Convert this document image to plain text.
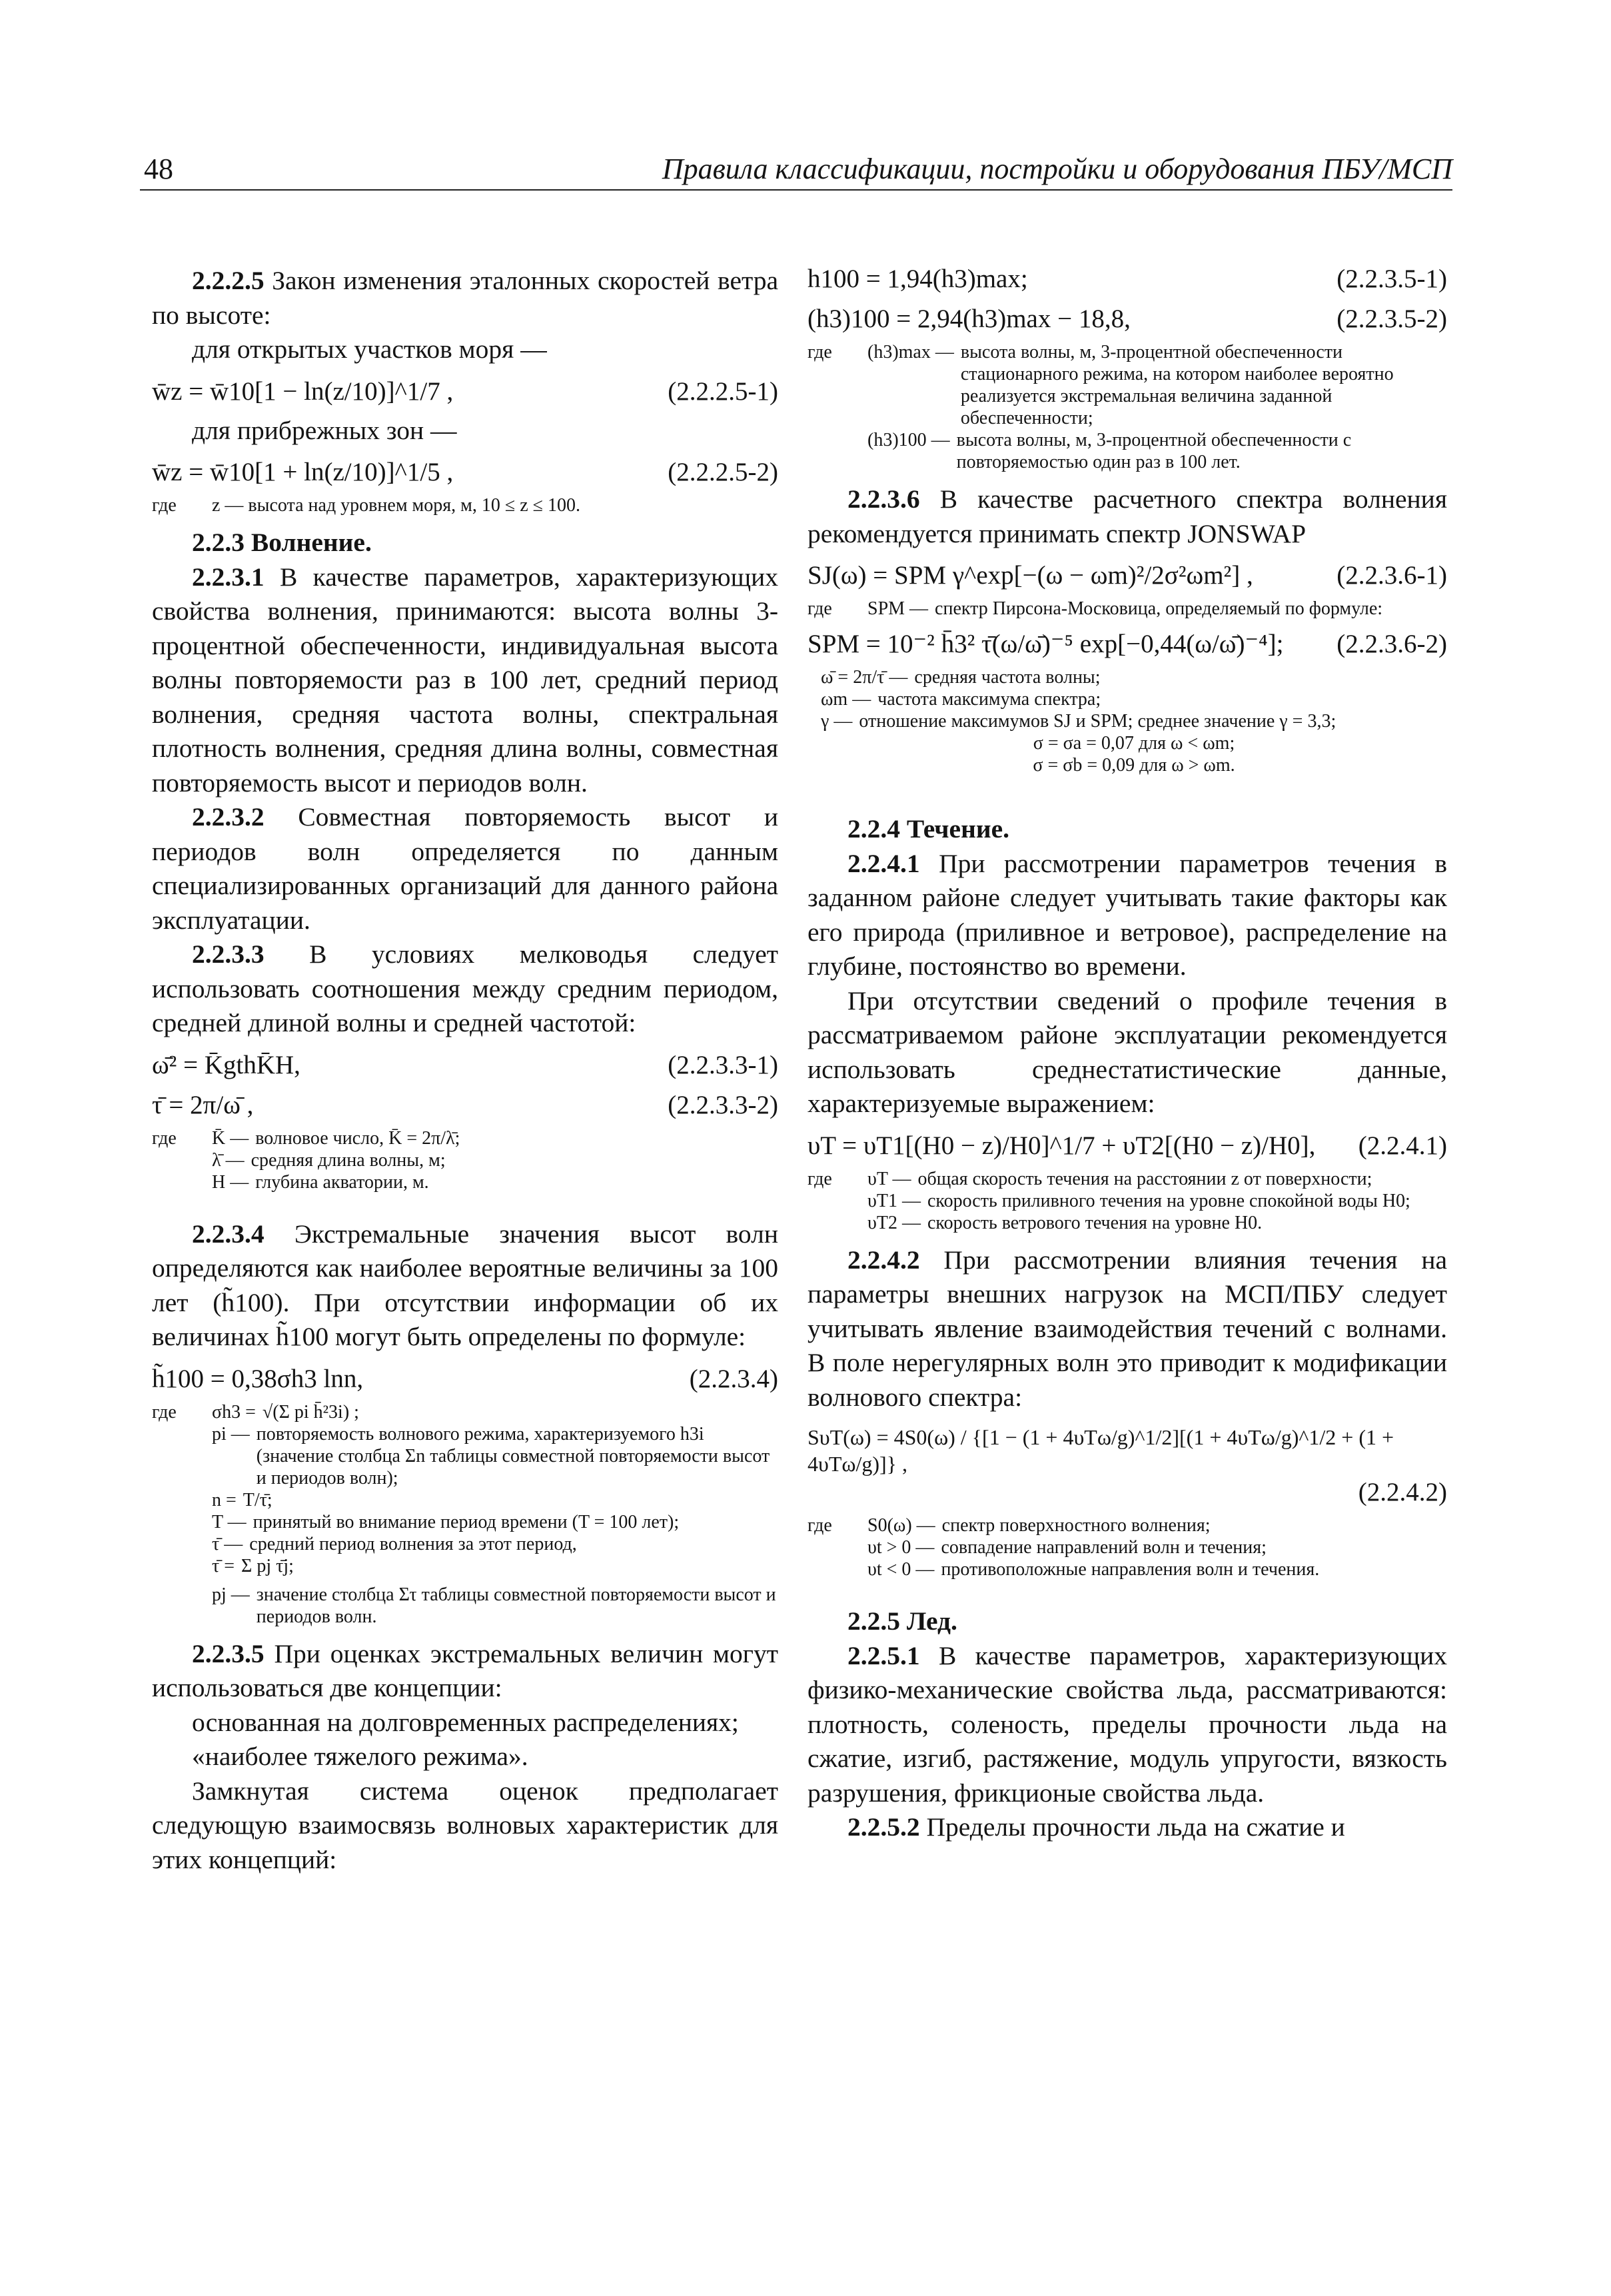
48	Правила классификации, постройки и оборудования ПБУ/МСП

2.2.2.5 Закон изменения эталонных скоростей ветра по высоте:

для открытых участков моря —

w̄z = w̄10[1 − ln(z/10)]^1/7 ,	(2.2.2.5-1)

для прибрежных зон —

w̄z = w̄10[1 + ln(z/10)]^1/5 ,	(2.2.2.5-2)
где	z — высота над уровнем моря, м, 10 ≤ z ≤ 100.

2.2.3 Волнение.

2.2.3.1 В качестве параметров, характеризующих свойства волнения, принимаются: высота волны 3-процентной обеспеченности, индивидуальная высота волны повторяемости раз в 100 лет, средний период волнения, средняя частота волны, спектральная плотность волнения, средняя длина волны, совместная повторяемость высот и периодов волн.

2.2.3.2 Совместная повторяемость высот и периодов волн определяется по данным специализированных организаций для данного района эксплуатации.

2.2.3.3 В условиях мелководья следует использовать соотношения между средним периодом, средней длиной волны и средней частотой:

ω̄² = K̄gthK̄H,	(2.2.3.3-1)
τ̄ = 2π/ω̄ ,	(2.2.3.3-2)
где	K̄ — волновое число, K̄ = 2π/λ̄;
λ̄ — средняя длина волны, м;
H — глубина акватории, м.

2.2.3.4 Экстремальные значения высот волн определяются как наиболее вероятные величины за 100 лет (h̃100). При отсутствии информации об их величинах h̃100 могут быть определены по формуле:

h̃100 = 0,38σh3 lnn,	(2.2.3.4)
где	σh3 = √(Σ pi h̄²3i) ;
pi — повторяемость волнового режима, характеризуемого h3i (значение столбца Σn таблицы совместной повторяемости высот и периодов волн);
n = T/τ̄;
T — принятый во внимание период времени (T = 100 лет);
τ̄ — средний период волнения за этот период,
τ̄ = Σ pj τ̄j;
pj — значение столбца Στ таблицы совместной повторяемости высот и периодов волн.

2.2.3.5 При оценках экстремальных величин могут использоваться две концепции:

основанная на долговременных распределениях;

«наиболее тяжелого режима».

Замкнутая система оценок предполагает следующую взаимосвязь волновых характеристик для этих концепций:

h100 = 1,94(h3)max;	(2.2.3.5-1)
(h3)100 = 2,94(h3)max − 18,8,	(2.2.3.5-2)
где	(h3)max — высота волны, м, 3-процентной обеспеченности стационарного режима, на котором наиболее вероятно реализуется экстремальная величина заданной обеспеченности;
(h3)100 — высота волны, м, 3-процентной обеспеченности с повторяемостью один раз в 100 лет.

2.2.3.6 В качестве расчетного спектра волнения рекомендуется принимать спектр JONSWAP

SJ(ω) = SPM γ^exp[−(ω − ωm)²/2σ²ωm²] ,	(2.2.3.6-1)
где	SPM — спектр Пирсона-Московица, определяемый по формуле:
SPM = 10⁻² h̄3² τ̄(ω/ω̄)⁻⁵ exp[−0,44(ω/ω̄)⁻⁴]; (2.2.3.6-2)
ω̄ = 2π/τ̄ — средняя частота волны;
ωm — частота максимума спектра;
γ — отношение максимумов SJ и SPM; среднее значение γ = 3,3;
σ = σa = 0,07 для ω < ωm;
σ = σb = 0,09 для ω > ωm.

2.2.4 Течение.

2.2.4.1 При рассмотрении параметров течения в заданном районе следует учитывать такие факторы как его природа (приливное и ветровое), распределение на глубине, постоянство во времени.

При отсутствии сведений о профиле течения в рассматриваемом районе эксплуатации рекомендуется использовать среднестатистические данные, характеризуемые выражением:

υT = υT1[(H0 − z)/H0]^1/7 + υT2[(H0 − z)/H0], (2.2.4.1)
где	υT — общая скорость течения на расстоянии z от поверхности;
υT1 — скорость приливного течения на уровне спокойной воды H0;
υT2 — скорость ветрового течения на уровне H0.

2.2.4.2 При рассмотрении влияния течения на параметры внешних нагрузок на МСП/ПБУ следует учитывать явление взаимодействия течений с волнами. В поле нерегулярных волн это приводит к модификации волнового спектра:

SυT(ω) = 4S0(ω) / {[1 − (1 + 4υTω/g)^1/2][(1 + 4υTω/g)^1/2 + (1 + 4υTω/g)]} ,
(2.2.4.2)
где	S0(ω) — спектр поверхностного волнения;
υt > 0 — совпадение направлений волн и течения;
υt < 0 — противоположные направления волн и течения.

2.2.5 Лед.

2.2.5.1 В качестве параметров, характеризующих физико-механические свойства льда, рассматриваются: плотность, соленость, пределы прочности льда на сжатие, изгиб, растяжение, модуль упругости, вязкость разрушения, фрикционые свойства льда.

2.2.5.2 Пределы прочности льда на сжатие и
